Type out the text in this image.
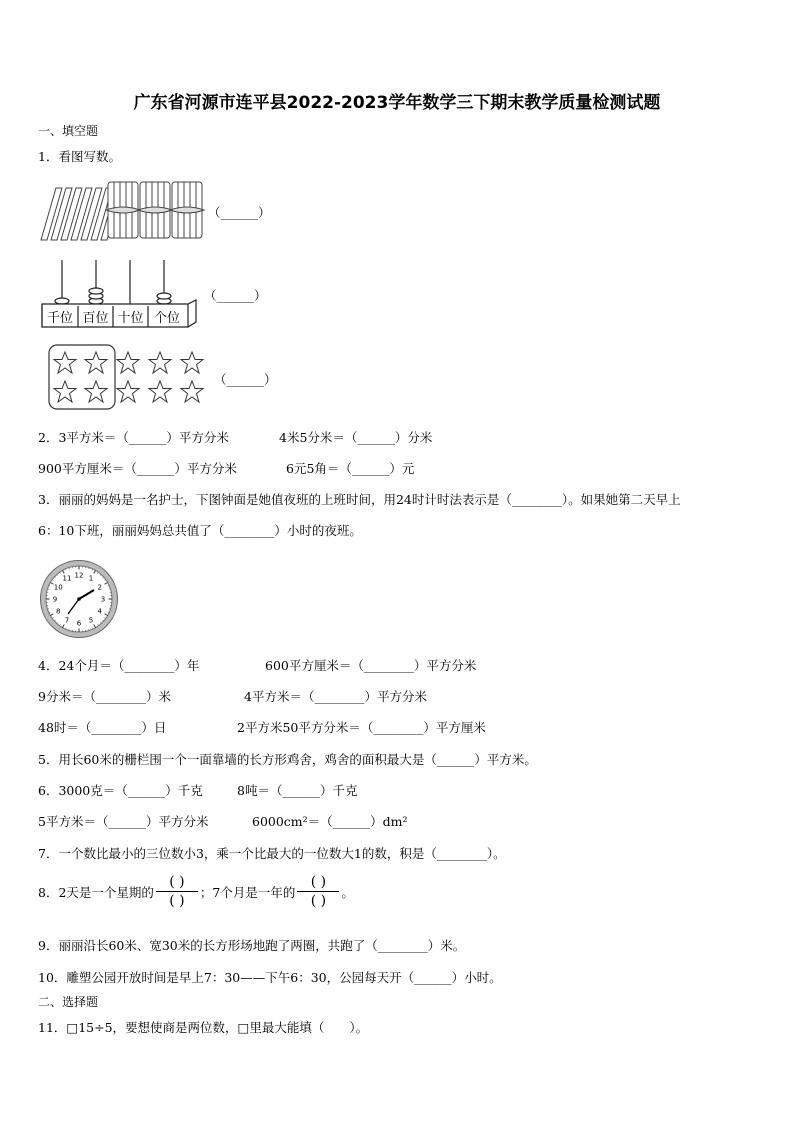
广东省河源市连平县2022-2023学年数学三下期末教学质量检测试题
一、填空题
1．看图写数。
（______）
千位 百位 十位 个位
（______）
（______）
2．3平方米＝（______）平方分米	4米5分米＝（______）分米
900平方厘米＝（______）平方分米	6元5角＝（______）元
3．丽丽的妈妈是一名护士，下图钟面是她值夜班的上班时间，用24时计时法表示是（________）。如果她第二天早上
6：10下班，丽丽妈妈总共值了（________）小时的夜班。
12 1
2
3
4
5
6
7
8
9
10
11
4．24个月＝（________）年	600平方厘米＝（________）平方分米
9分米＝（________）米	4平方米＝（________）平方分米
48时＝（________）日	2平方米50平方分米＝（________）平方厘米
5．用长60米的栅栏围一个一面靠墙的长方形鸡舍，鸡舍的面积最大是（______）平方米。
6．3000克＝（______）千克	8吨＝（______）千克
5平方米＝（______）平方分米	6000cm²＝（______）dm²
7．一个数比最小的三位数小3，乘一个比最大的一位数大1的数，积是（________）。
8．2天是一个星期的 $\frac{( )}{( )}$ ；7个月是一年的 $\frac{( )}{( )}$ 。
9．丽丽沿长60米、宽30米的长方形场地跑了两圈，共跑了（________）米。
10．雕塑公园开放时间是早上7：30——下午6：30，公园每天开（______）小时。
二、选择题
11．□15÷5，要想使商是两位数，□里最大能填（　　）。
